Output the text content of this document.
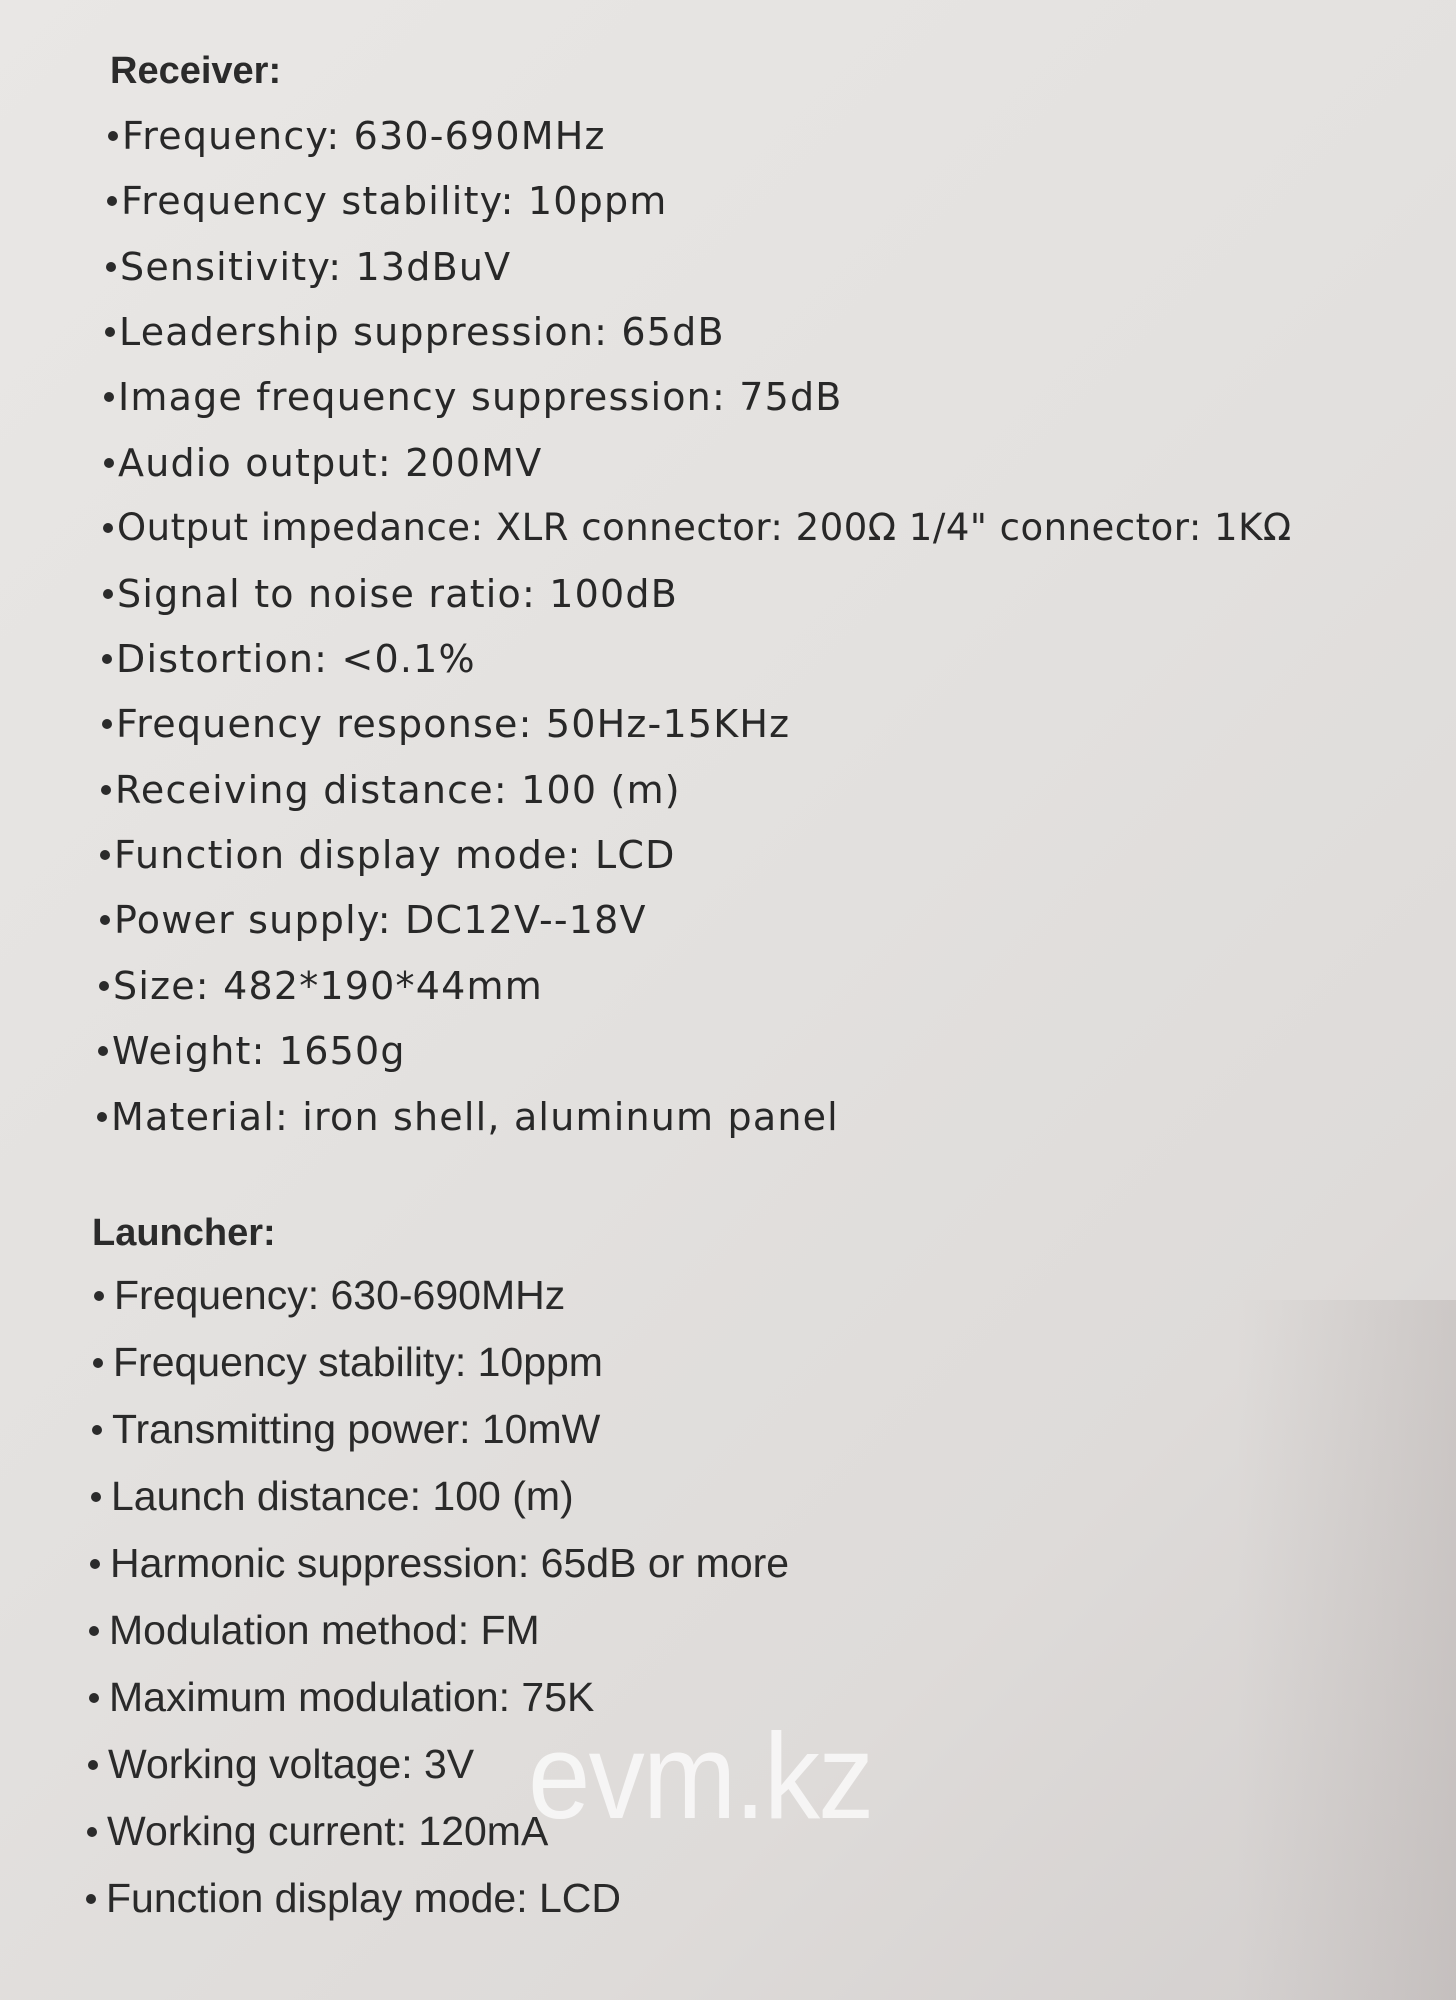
Receiver:
Frequency: 630-690MHz
Frequency stability: 10ppm
Sensitivity: 13dBuV
Leadership suppression: 65dB
Image frequency suppression: 75dB
Audio output: 200MV
Output impedance: XLR connector: 200Ω 1/4" connector: 1KΩ
Signal to noise ratio: 100dB
Distortion: <0.1%
Frequency response: 50Hz-15KHz
Receiving distance: 100 (m)
Function display mode: LCD
Power supply: DC12V--18V
Size: 482*190*44mm
Weight: 1650g
Material: iron shell, aluminum panel
Launcher:
Frequency: 630-690MHz
Frequency stability: 10ppm
Transmitting power: 10mW
Launch distance: 100 (m)
Harmonic suppression: 65dB or more
Modulation method: FM
Maximum modulation: 75K
Working voltage: 3V
Working current: 120mA
Function display mode: LCD
evm.kz
